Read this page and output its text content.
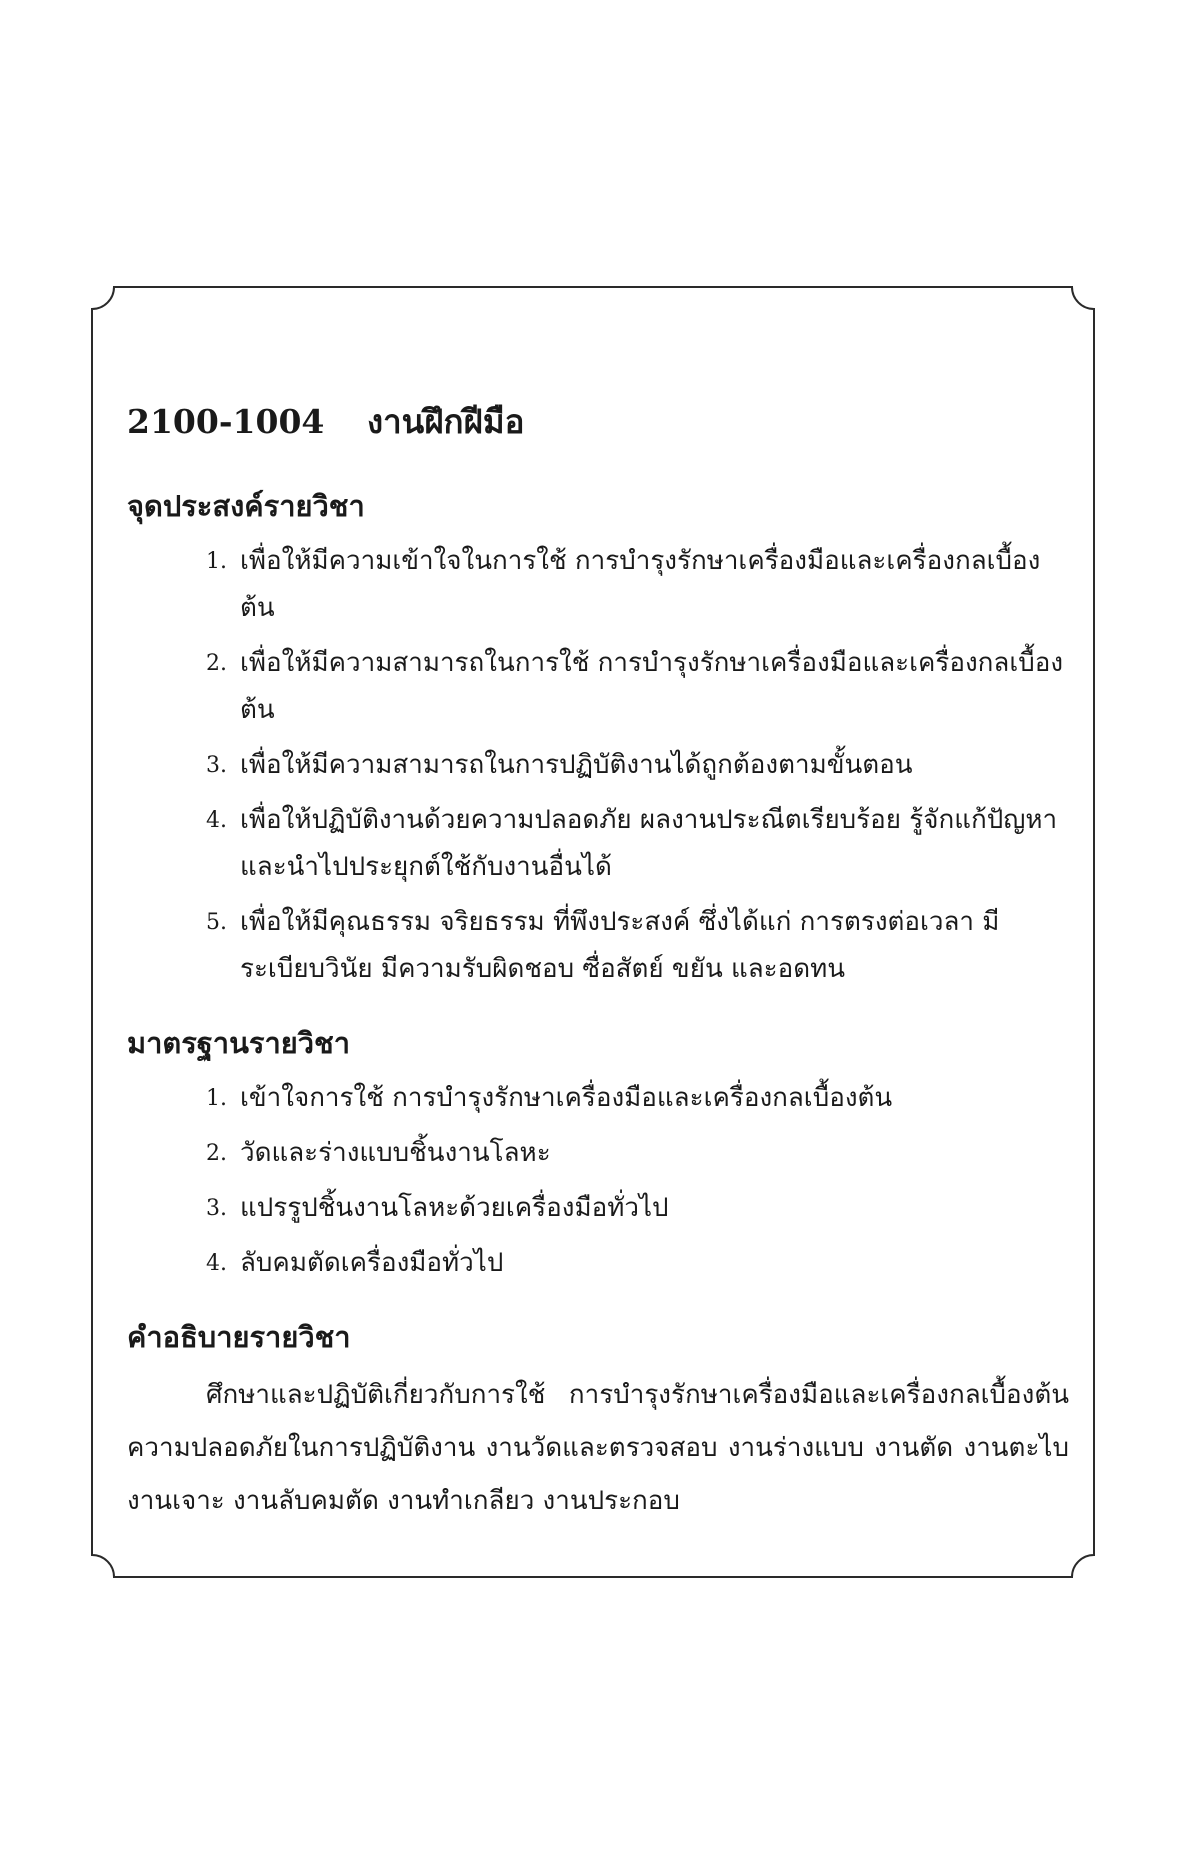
2100-1004	งานฝึกฝีมือ
จุดประสงค์รายวิชา
1. เพื่อให้มีความเข้าใจในการใช้ การบำรุงรักษาเครื่องมือและเครื่องกลเบื้องต้น
2. เพื่อให้มีความสามารถในการใช้ การบำรุงรักษาเครื่องมือและเครื่องกลเบื้องต้น
3. เพื่อให้มีความสามารถในการปฏิบัติงานได้ถูกต้องตามขั้นตอน
4. เพื่อให้ปฏิบัติงานด้วยความปลอดภัย ผลงานประณีตเรียบร้อย รู้จักแก้ปัญหาและนำไปประยุกต์ใช้กับงานอื่นได้
5. เพื่อให้มีคุณธรรม จริยธรรม ที่พึงประสงค์ ซึ่งได้แก่ การตรงต่อเวลา มีระเบียบวินัย มีความรับผิดชอบ ซื่อสัตย์ ขยัน และอดทน
มาตรฐานรายวิชา
1. เข้าใจการใช้ การบำรุงรักษาเครื่องมือและเครื่องกลเบื้องต้น
2. วัดและร่างแบบชิ้นงานโลหะ
3. แปรรูปชิ้นงานโลหะด้วยเครื่องมือทั่วไป
4. ลับคมตัดเครื่องมือทั่วไป
คำอธิบายรายวิชา

ศึกษาและปฏิบัติเกี่ยวกับการใช้ การบำรุงรักษาเครื่องมือและเครื่องกลเบื้องต้น ความปลอดภัยในการปฏิบัติงาน งานวัดและตรวจสอบ งานร่างแบบ งานตัด งานตะไบ งานเจาะ งานลับคมตัด งานทำเกลียว งานประกอบ
